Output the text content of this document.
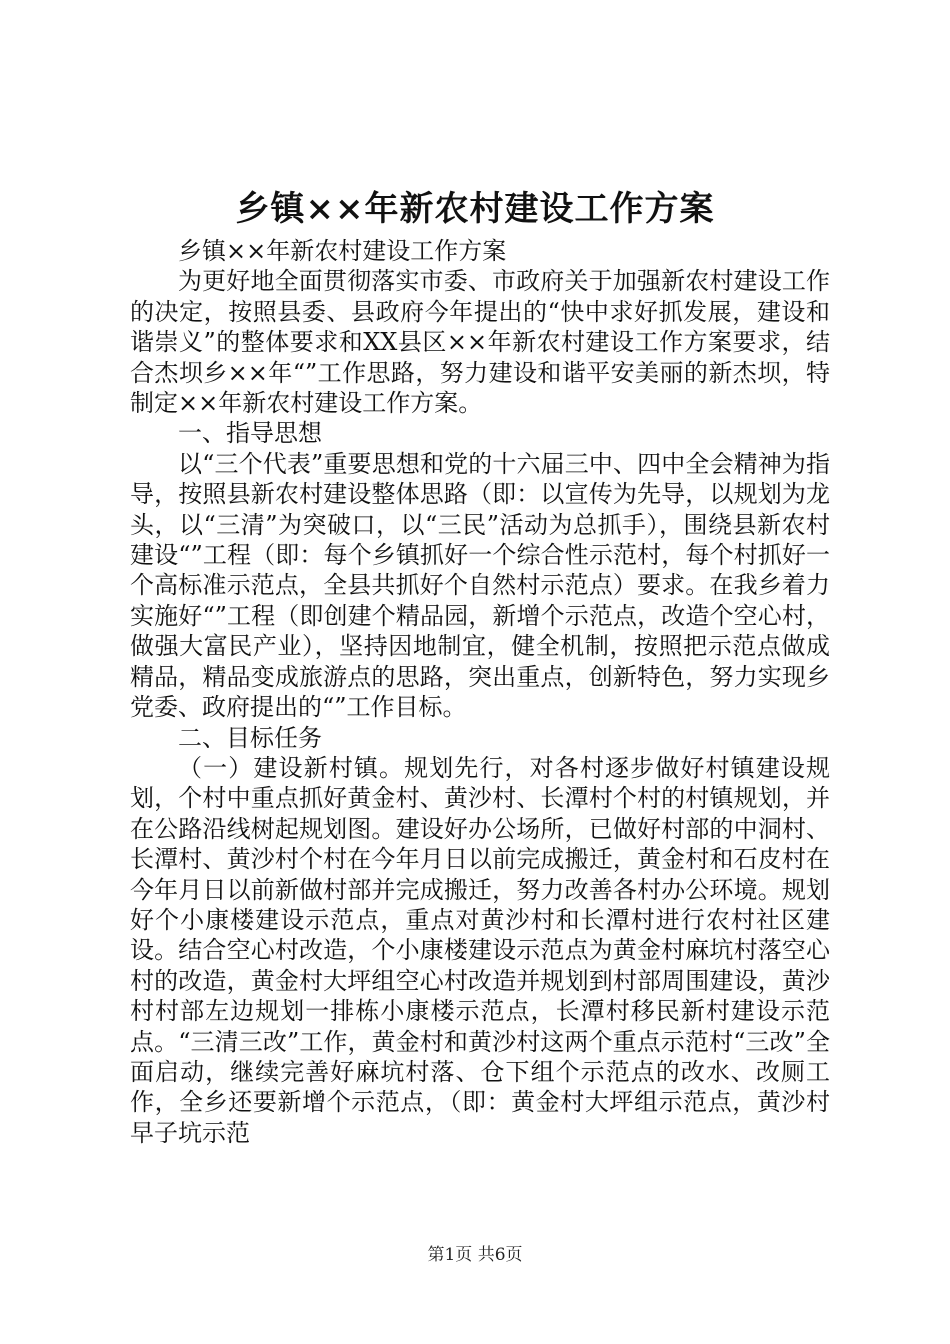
乡镇××年新农村建设工作方案

乡镇××年新农村建设工作方案

为更好地全面贯彻落实市委、市政府关于加强新农村建设工作的决定，按照县委、县政府今年提出的“快中求好抓发展，建设和谐崇义”的整体要求和XX县区××年新农村建设工作方案要求，结合杰坝乡××年“”工作思路，努力建设和谐平安美丽的新杰坝，特制定××年新农村建设工作方案。

一、指导思想

以“三个代表”重要思想和党的十六届三中、四中全会精神为指导，按照县新农村建设整体思路（即：以宣传为先导，以规划为龙头，以“三清”为突破口，以“三民”活动为总抓手），围绕县新农村建设“”工程（即：每个乡镇抓好一个综合性示范村，每个村抓好一个高标准示范点，全县共抓好个自然村示范点）要求。在我乡着力实施好“”工程（即创建个精品园，新增个示范点，改造个空心村，做强大富民产业），坚持因地制宜，健全机制，按照把示范点做成精品，精品变成旅游点的思路，突出重点，创新特色，努力实现乡党委、政府提出的“”工作目标。

二、目标任务

（一）建设新村镇。规划先行，对各村逐步做好村镇建设规划，个村中重点抓好黄金村、黄沙村、长潭村个村的村镇规划，并在公路沿线树起规划图。建设好办公场所，已做好村部的中洞村、长潭村、黄沙村个村在今年月日以前完成搬迁，黄金村和石皮村在今年月日以前新做村部并完成搬迁，努力改善各村办公环境。规划好个小康楼建设示范点，重点对黄沙村和长潭村进行农村社区建设。结合空心村改造，个小康楼建设示范点为黄金村麻坑村落空心村的改造，黄金村大坪组空心村改造并规划到村部周围建设，黄沙村村部左边规划一排栋小康楼示范点，长潭村移民新村建设示范点。“三清三改”工作，黄金村和黄沙村这两个重点示范村“三改”全面启动，继续完善好麻坑村落、仓下组个示范点的改水、改厕工作，全乡还要新增个示范点，（即：黄金村大坪组示范点，黄沙村早子坑示范

第1页 共6页
